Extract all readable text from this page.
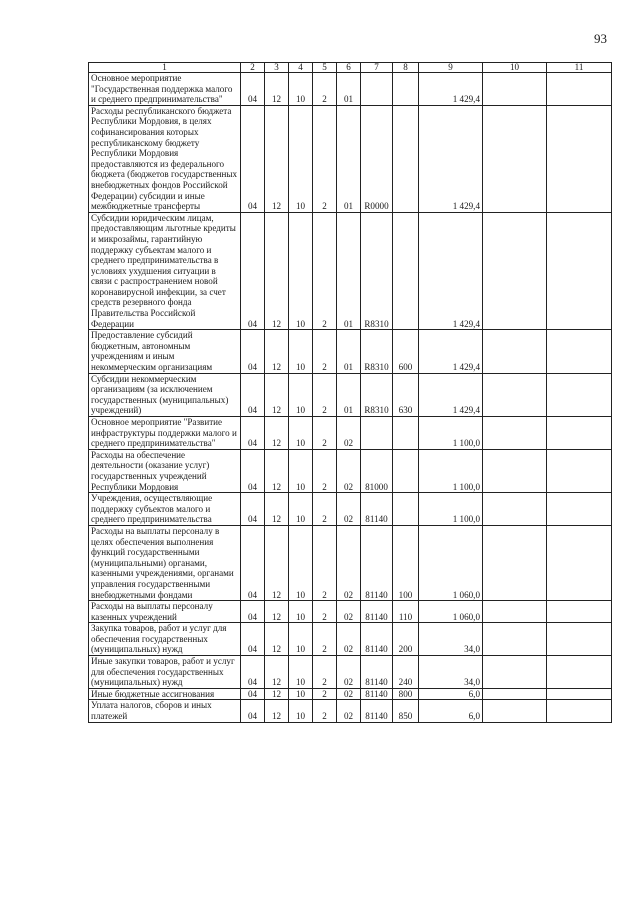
93
1	2	3	4	5	6	7	8	9	10	11
Основное мероприятие "Государственная поддержка малого и среднего предпринимательства"	04	12	10	2	01			1 429,4		
Расходы республиканского бюджета Республики Мордовия, в целях софинансирования которых республиканскому бюджету Республики Мордовия предоставляются из федерального бюджета (бюджетов государственных внебюджетных фондов Российской Федерации) субсидии и иные межбюджетные трансферты	04	12	10	2	01	R0000		1 429,4		
Субсидии юридическим лицам, предоставляющим льготные кредиты и микрозаймы, гарантийную поддержку субъектам малого и среднего предпринимательства в условиях ухудшения ситуации в связи с распространением новой коронавирусной инфекции, за счет средств резервного фонда Правительства Российской Федерации	04	12	10	2	01	R8310		1 429,4		
Предоставление субсидий бюджетным, автономным учреждениям и иным некоммерческим организациям	04	12	10	2	01	R8310	600	1 429,4		
Субсидии некоммерческим организациям (за исключением государственных (муниципальных) учреждений)	04	12	10	2	01	R8310	630	1 429,4		
Основное мероприятие "Развитие инфраструктуры поддержки малого и среднего предпринимательства"	04	12	10	2	02			1 100,0		
Расходы на обеспечение деятельности (оказание услуг) государственных учреждений Республики Мордовия	04	12	10	2	02	81000		1 100,0		
Учреждения, осуществляющие поддержку субъектов малого и среднего предпринимательства	04	12	10	2	02	81140		1 100,0		
Расходы на выплаты персоналу в целях обеспечения выполнения функций государственными (муниципальными) органами, казенными учреждениями, органами управления государственными внебюджетными фондами	04	12	10	2	02	81140	100	1 060,0		
Расходы на выплаты персоналу казенных учреждений	04	12	10	2	02	81140	110	1 060,0		
Закупка товаров, работ и услуг для обеспечения государственных (муниципальных) нужд	04	12	10	2	02	81140	200	34,0		
Иные закупки товаров, работ и услуг для обеспечения государственных (муниципальных) нужд	04	12	10	2	02	81140	240	34,0		
Иные бюджетные ассигнования	04	12	10	2	02	81140	800	6,0		
Уплата налогов, сборов и иных платежей	04	12	10	2	02	81140	850	6,0		
